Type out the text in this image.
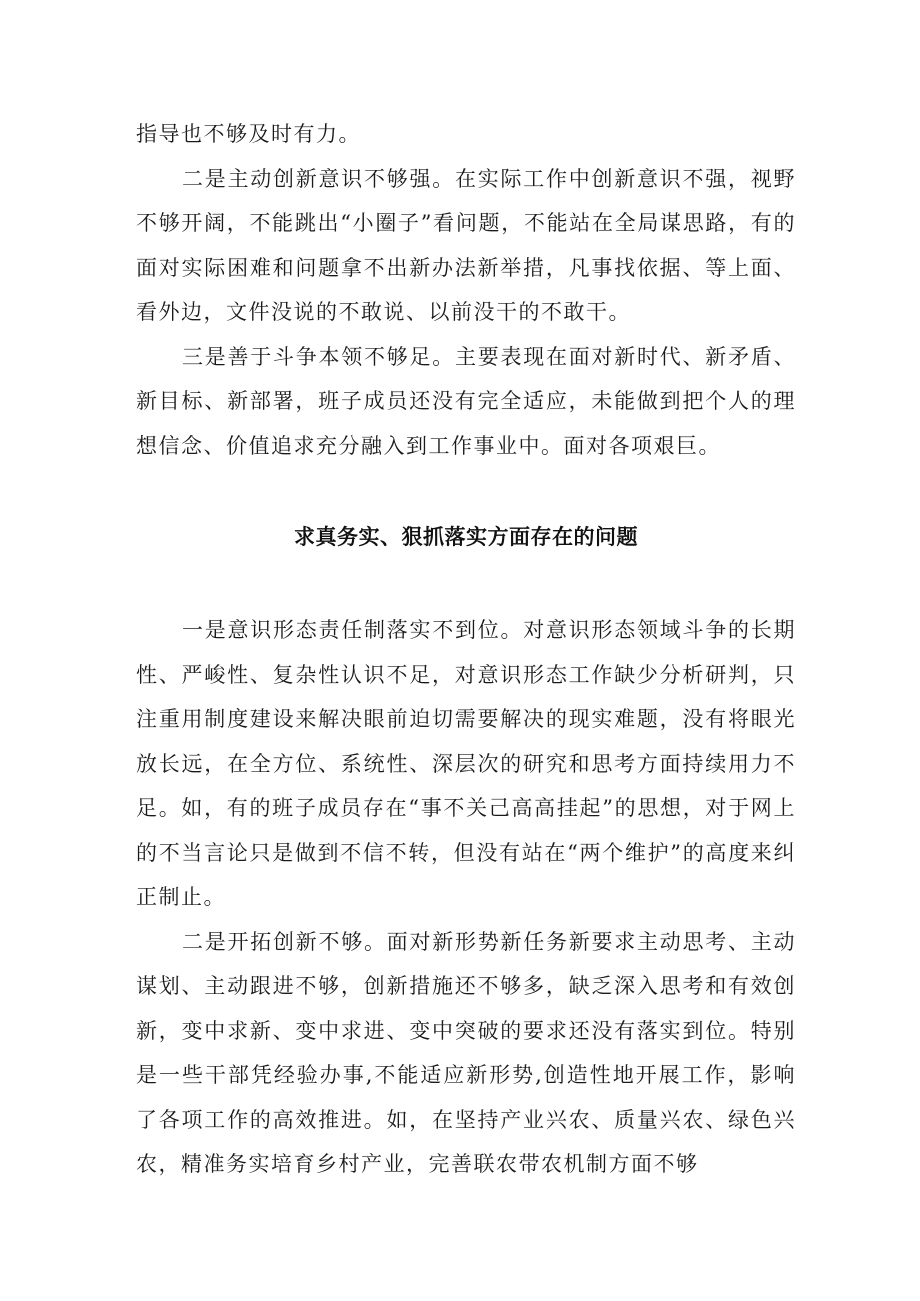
指导也不够及时有力。

二是主动创新意识不够强。在实际工作中创新意识不强，视野不够开阔，不能跳出“小圈子”看问题，不能站在全局谋思路，有的面对实际困难和问题拿不出新办法新举措，凡事找依据、等上面、看外边，文件没说的不敢说、以前没干的不敢干。

三是善于斗争本领不够足。主要表现在面对新时代、新矛盾、新目标、新部署，班子成员还没有完全适应，未能做到把个人的理想信念、价值追求充分融入到工作事业中。面对各项艰巨。

求真务实、狠抓落实方面存在的问题

一是意识形态责任制落实不到位。对意识形态领域斗争的长期性、严峻性、复杂性认识不足，对意识形态工作缺少分析研判，只注重用制度建设来解决眼前迫切需要解决的现实难题，没有将眼光放长远，在全方位、系统性、深层次的研究和思考方面持续用力不足。如，有的班子成员存在“事不关己高高挂起”的思想，对于网上的不当言论只是做到不信不转，但没有站在“两个维护”的高度来纠正制止。

二是开拓创新不够。面对新形势新任务新要求主动思考、主动谋划、主动跟进不够，创新措施还不够多，缺乏深入思考和有效创新，变中求新、变中求进、变中突破的要求还没有落实到位。特别是一些干部凭经验办事,不能适应新形势,创造性地开展工作，影响了各项工作的高效推进。如，在坚持产业兴农、质量兴农、绿色兴农，精准务实培育乡村产业，完善联农带农机制方面不够
